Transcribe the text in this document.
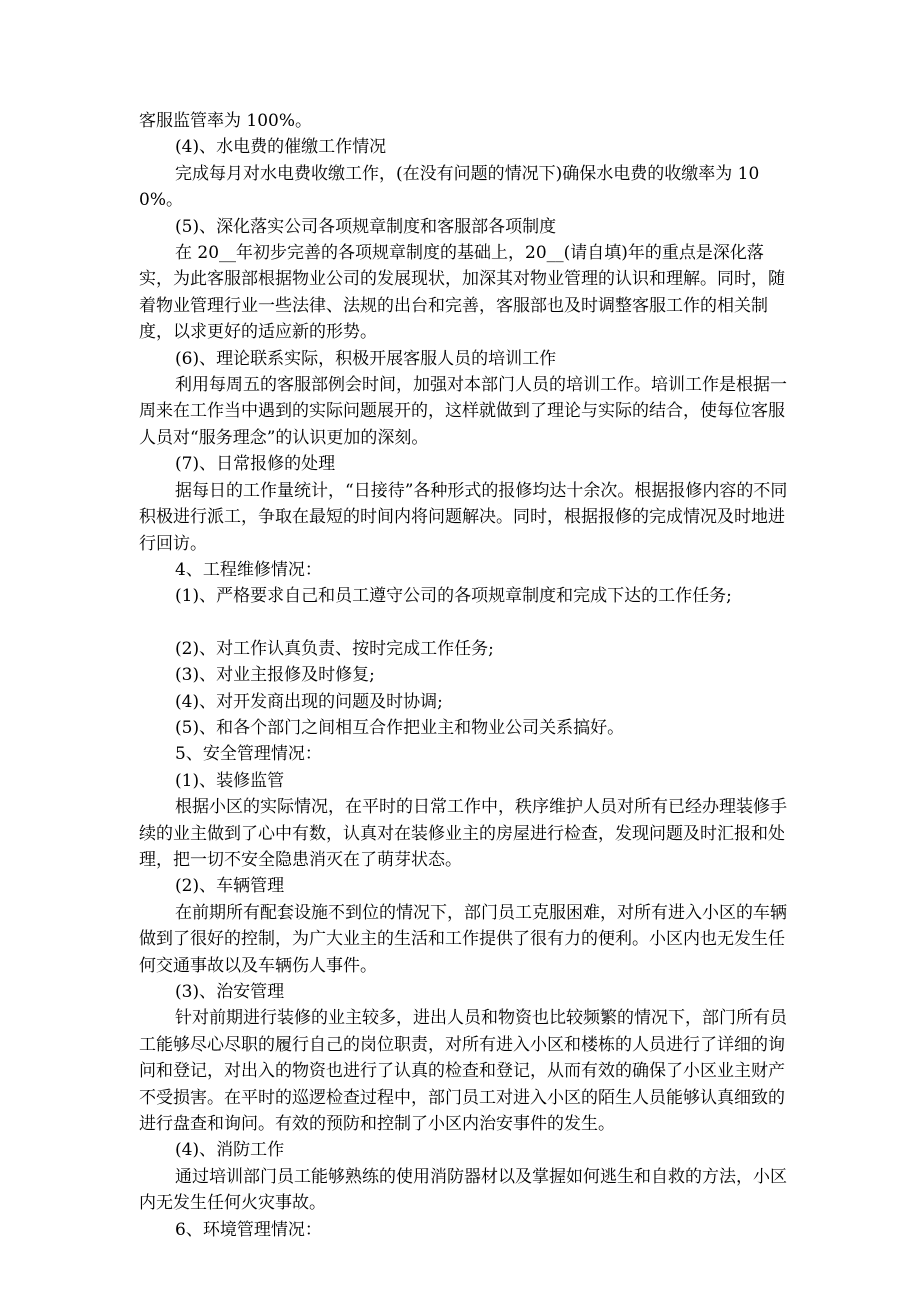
客服监管率为 100%。

(4)、水电费的催缴工作情况

完成每月对水电费收缴工作，(在没有问题的情况下)确保水电费的收缴率为 100%。

(5)、深化落实公司各项规章制度和客服部各项制度

在 20__年初步完善的各项规章制度的基础上，20__(请自填)年的重点是深化落实，为此客服部根据物业公司的发展现状，加深其对物业管理的认识和理解。同时，随着物业管理行业一些法律、法规的出台和完善，客服部也及时调整客服工作的相关制度，以求更好的适应新的形势。

(6)、理论联系实际，积极开展客服人员的培训工作

利用每周五的客服部例会时间，加强对本部门人员的培训工作。培训工作是根据一周来在工作当中遇到的实际问题展开的，这样就做到了理论与实际的结合，使每位客服人员对“服务理念”的认识更加的深刻。

(7)、日常报修的处理

据每日的工作量统计，“日接待”各种形式的报修均达十余次。根据报修内容的不同积极进行派工，争取在最短的时间内将问题解决。同时，根据报修的完成情况及时地进行回访。

4、工程维修情况：

(1)、严格要求自己和员工遵守公司的各项规章制度和完成下达的工作任务;

(2)、对工作认真负责、按时完成工作任务;

(3)、对业主报修及时修复;

(4)、对开发商出现的问题及时协调;

(5)、和各个部门之间相互合作把业主和物业公司关系搞好。

5、安全管理情况：

(1)、装修监管

根据小区的实际情况，在平时的日常工作中，秩序维护人员对所有已经办理装修手续的业主做到了心中有数，认真对在装修业主的房屋进行检查，发现问题及时汇报和处理，把一切不安全隐患消灭在了萌芽状态。

(2)、车辆管理

在前期所有配套设施不到位的情况下，部门员工克服困难，对所有进入小区的车辆做到了很好的控制，为广大业主的生活和工作提供了很有力的便利。小区内也无发生任何交通事故以及车辆伤人事件。

(3)、治安管理

针对前期进行装修的业主较多，进出人员和物资也比较频繁的情况下，部门所有员工能够尽心尽职的履行自己的岗位职责，对所有进入小区和楼栋的人员进行了详细的询问和登记，对出入的物资也进行了认真的检查和登记，从而有效的确保了小区业主财产不受损害。在平时的巡逻检查过程中，部门员工对进入小区的陌生人员能够认真细致的进行盘查和询问。有效的预防和控制了小区内治安事件的发生。

(4)、消防工作

通过培训部门员工能够熟练的使用消防器材以及掌握如何逃生和自救的方法，小区内无发生任何火灾事故。

6、环境管理情况：
